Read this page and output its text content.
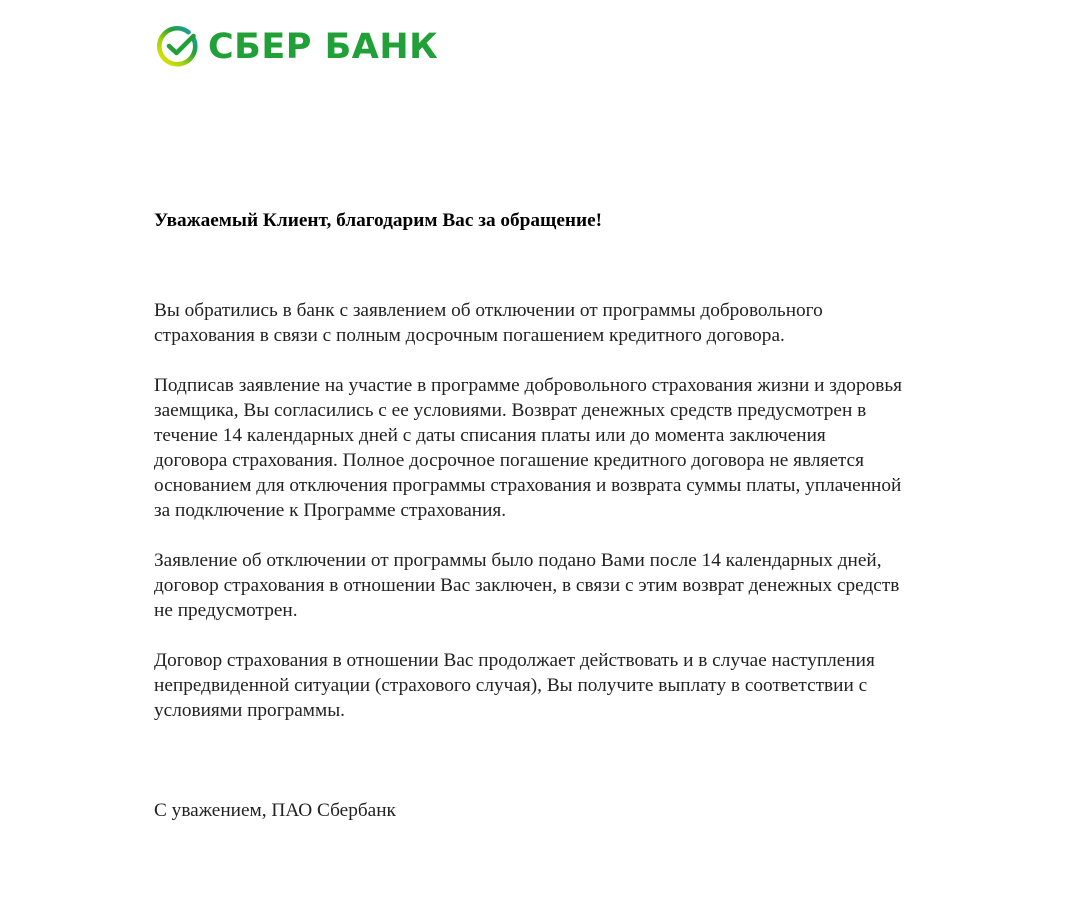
СБЕР БАНК

Уважаемый Клиент, благодарим Вас за обращение!

Вы обратились в банк с заявлением об отключении от программы добровольного
страхования в связи с полным досрочным погашением кредитного договора.

Подписав заявление на участие в программе добровольного страхования жизни и здоровья
заемщика, Вы согласились с ее условиями. Возврат денежных средств предусмотрен в
течение 14 календарных дней с даты списания платы или до момента заключения
договора страхования. Полное досрочное погашение кредитного договора не является
основанием для отключения программы страхования и возврата суммы платы, уплаченной
за подключение к Программе страхования.

Заявление об отключении от программы было подано Вами после 14 календарных дней,
договор страхования в отношении Вас заключен, в связи с этим возврат денежных средств
не предусмотрен.

Договор страхования в отношении Вас продолжает действовать и в случае наступления
непредвиденной ситуации (страхового случая), Вы получите выплату в соответствии с
условиями программы.

С уважением, ПАО Сбербанк
